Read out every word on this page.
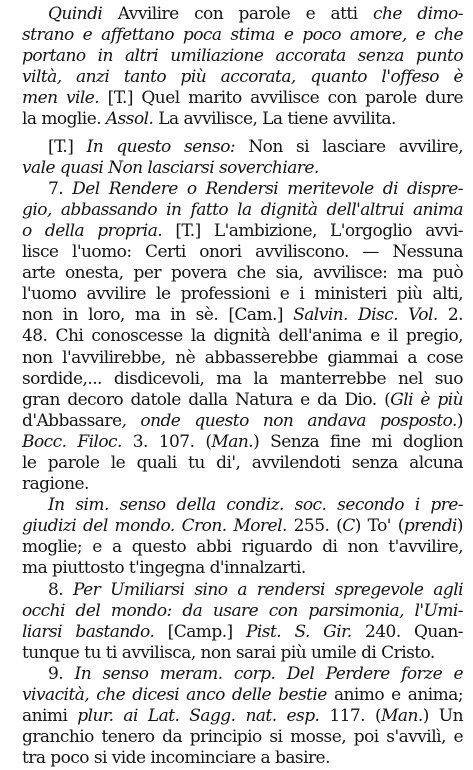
Quindi Avvilire con parole e atti che dimo-
strano e affettano poca stima e poco amore, e che
portano in altri umiliazione accorata senza punto
viltà, anzi tanto più accorata, quanto l'offeso è
men vile. [T.] Quel marito avvilisce con parole dure
la moglie. Assol. La avvilisce, La tiene avvilita.
[T.] In questo senso: Non si lasciare avvilire,
vale quasi Non lasciarsi soverchiare.
7. Del Rendere o Rendersi meritevole di dispre-
gio, abbassando in fatto la dignità dell'altrui anima
o della propria. [T.] L'ambizione, L'orgoglio avvi-
lisce l'uomo: Certi onori avviliscono. — Nessuna
arte onesta, per povera che sia, avvilisce: ma può
l'uomo avvilire le professioni e i ministeri più alti,
non in loro, ma in sè. [Cam.] Salvin. Disc. Vol. 2.
48. Chi conoscesse la dignità dell'anima e il pregio,
non l'avvilirebbe, nè abbasserebbe giammai a cose
sordide,... disdicevoli, ma la manterrebbe nel suo
gran decoro datole dalla Natura e da Dio. (Gli è più
d'Abbassare, onde questo non andava posposto.)
Bocc. Filoc. 3. 107. (Man.) Senza fine mi doglion
le parole le quali tu di', avvilendoti senza alcuna
ragione.
In sim. senso della condiz. soc. secondo i pre-
giudizi del mondo. Cron. Morel. 255. (C) To' (prendi)
moglie; e a questo abbi riguardo di non t'avvilire,
ma piuttosto t'ingegna d'innalzarti.
8. Per Umiliarsi sino a rendersi spregevole agli
occhi del mondo: da usare con parsimonia, l'Umi-
liarsi bastando. [Camp.] Pist. S. Gir. 240. Quan-
tunque tu ti avvilisca, non sarai più umile di Cristo.
9. In senso meram. corp. Del Perdere forze e
vivacità, che dicesi anco delle bestie animo e anima;
animi plur. ai Lat. Sagg. nat. esp. 117. (Man.) Un
granchio tenero da principio si mosse, poi s'avvilì, e
tra poco si vide incominciare a basire.
